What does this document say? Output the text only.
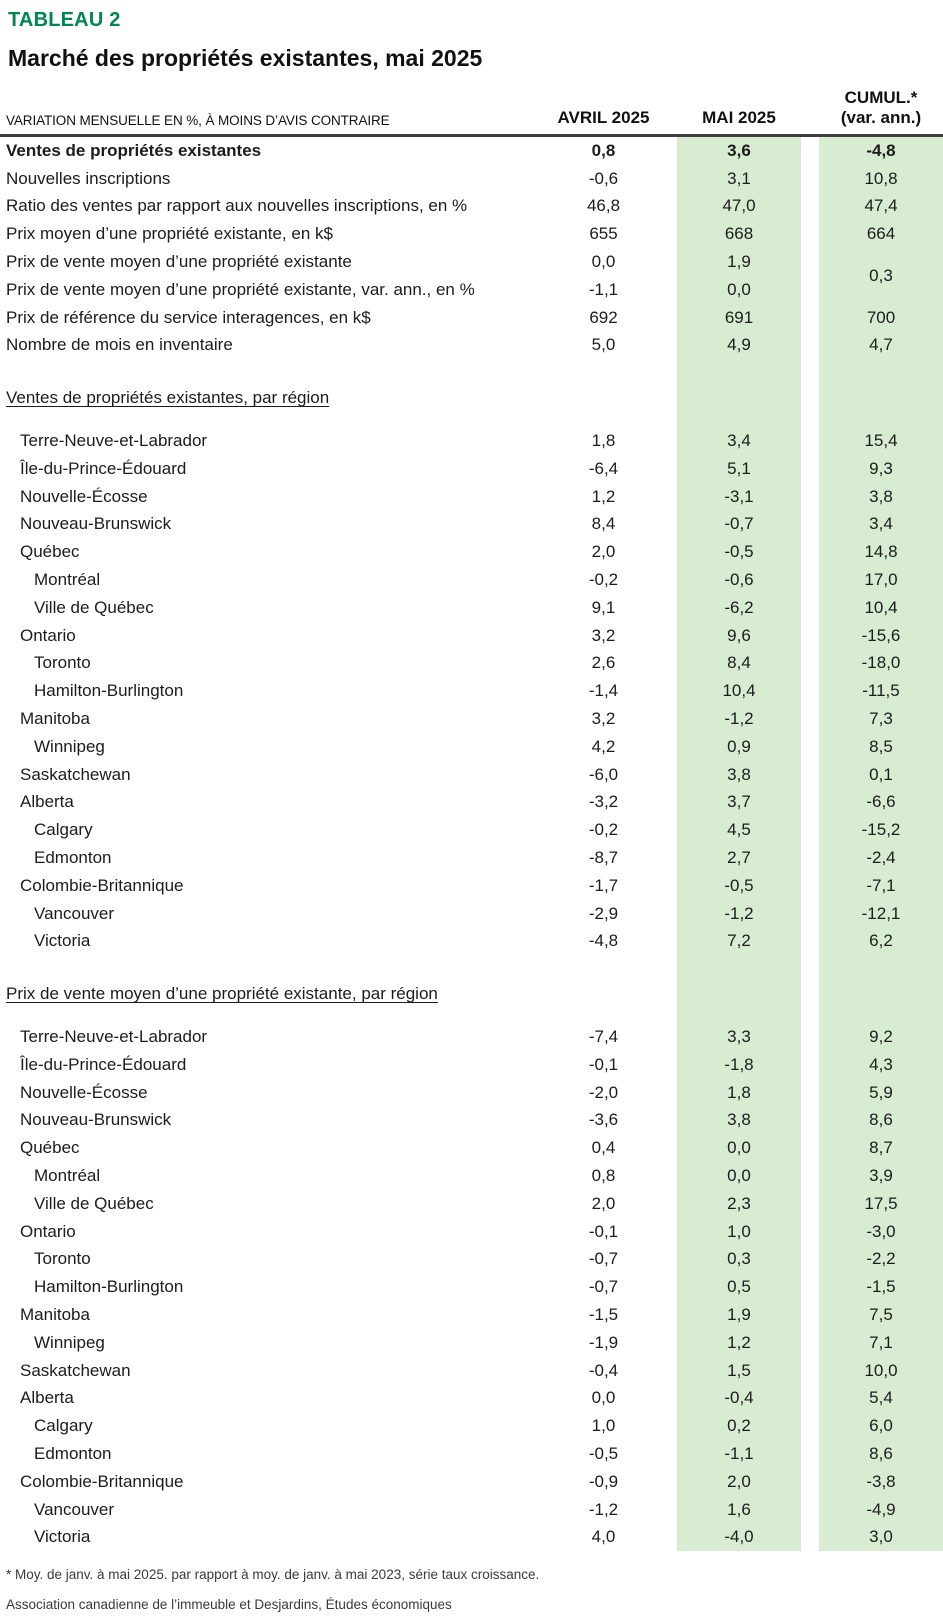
TABLEAU 2
Marché des propriétés existantes, mai 2025
VARIATION MENSUELLE EN %, À MOINS D’AVIS CONTRAIRE	AVRIL 2025	MAI 2025		CUMUL.*
(var. ann.)

Ventes de propriétés existantes	0,8	3,6		-4,8
Nouvelles inscriptions	-0,6	3,1		10,8
Ratio des ventes par rapport aux nouvelles inscriptions, en %	46,8	47,0		47,4
Prix moyen d’une propriété existante, en k$	655	668		664
Prix de vente moyen d’une propriété existante	0,0	1,9		0,3
Prix de vente moyen d’une propriété existante, var. ann., en %	-1,1	0,0		
Prix de référence du service interagences, en k$	692	691		700
Nombre de mois en inventaire	5,0	4,9		4,7

Ventes de propriétés existantes, par région				

Terre-Neuve-et-Labrador	1,8	3,4		15,4
Île-du-Prince-Édouard	-6,4	5,1		9,3
Nouvelle-Écosse	1,2	-3,1		3,8
Nouveau-Brunswick	8,4	-0,7		3,4
Québec	2,0	-0,5		14,8
Montréal	-0,2	-0,6		17,0
Ville de Québec	9,1	-6,2		10,4
Ontario	3,2	9,6		-15,6
Toronto	2,6	8,4		-18,0
Hamilton-Burlington	-1,4	10,4		-11,5
Manitoba	3,2	-1,2		7,3
Winnipeg	4,2	0,9		8,5
Saskatchewan	-6,0	3,8		0,1
Alberta	-3,2	3,7		-6,6
Calgary	-0,2	4,5		-15,2
Edmonton	-8,7	2,7		-2,4
Colombie-Britannique	-1,7	-0,5		-7,1
Vancouver	-2,9	-1,2		-12,1
Victoria	-4,8	7,2		6,2

Prix de vente moyen d’une propriété existante, par région				

Terre-Neuve-et-Labrador	-7,4	3,3		9,2
Île-du-Prince-Édouard	-0,1	-1,8		4,3
Nouvelle-Écosse	-2,0	1,8		5,9
Nouveau-Brunswick	-3,6	3,8		8,6
Québec	0,4	0,0		8,7
Montréal	0,8	0,0		3,9
Ville de Québec	2,0	2,3		17,5
Ontario	-0,1	1,0		-3,0
Toronto	-0,7	0,3		-2,2
Hamilton-Burlington	-0,7	0,5		-1,5
Manitoba	-1,5	1,9		7,5
Winnipeg	-1,9	1,2		7,1
Saskatchewan	-0,4	1,5		10,0
Alberta	0,0	-0,4		5,4
Calgary	1,0	0,2		6,0
Edmonton	-0,5	-1,1		8,6
Colombie-Britannique	-0,9	2,0		-3,8
Vancouver	-1,2	1,6		-4,9
Victoria	4,0	-4,0		3,0
* Moy. de janv. à mai 2025. par rapport à moy. de janv. à mai 2023, série taux croissance.
Association canadienne de l’immeuble et Desjardins, Études économiques
